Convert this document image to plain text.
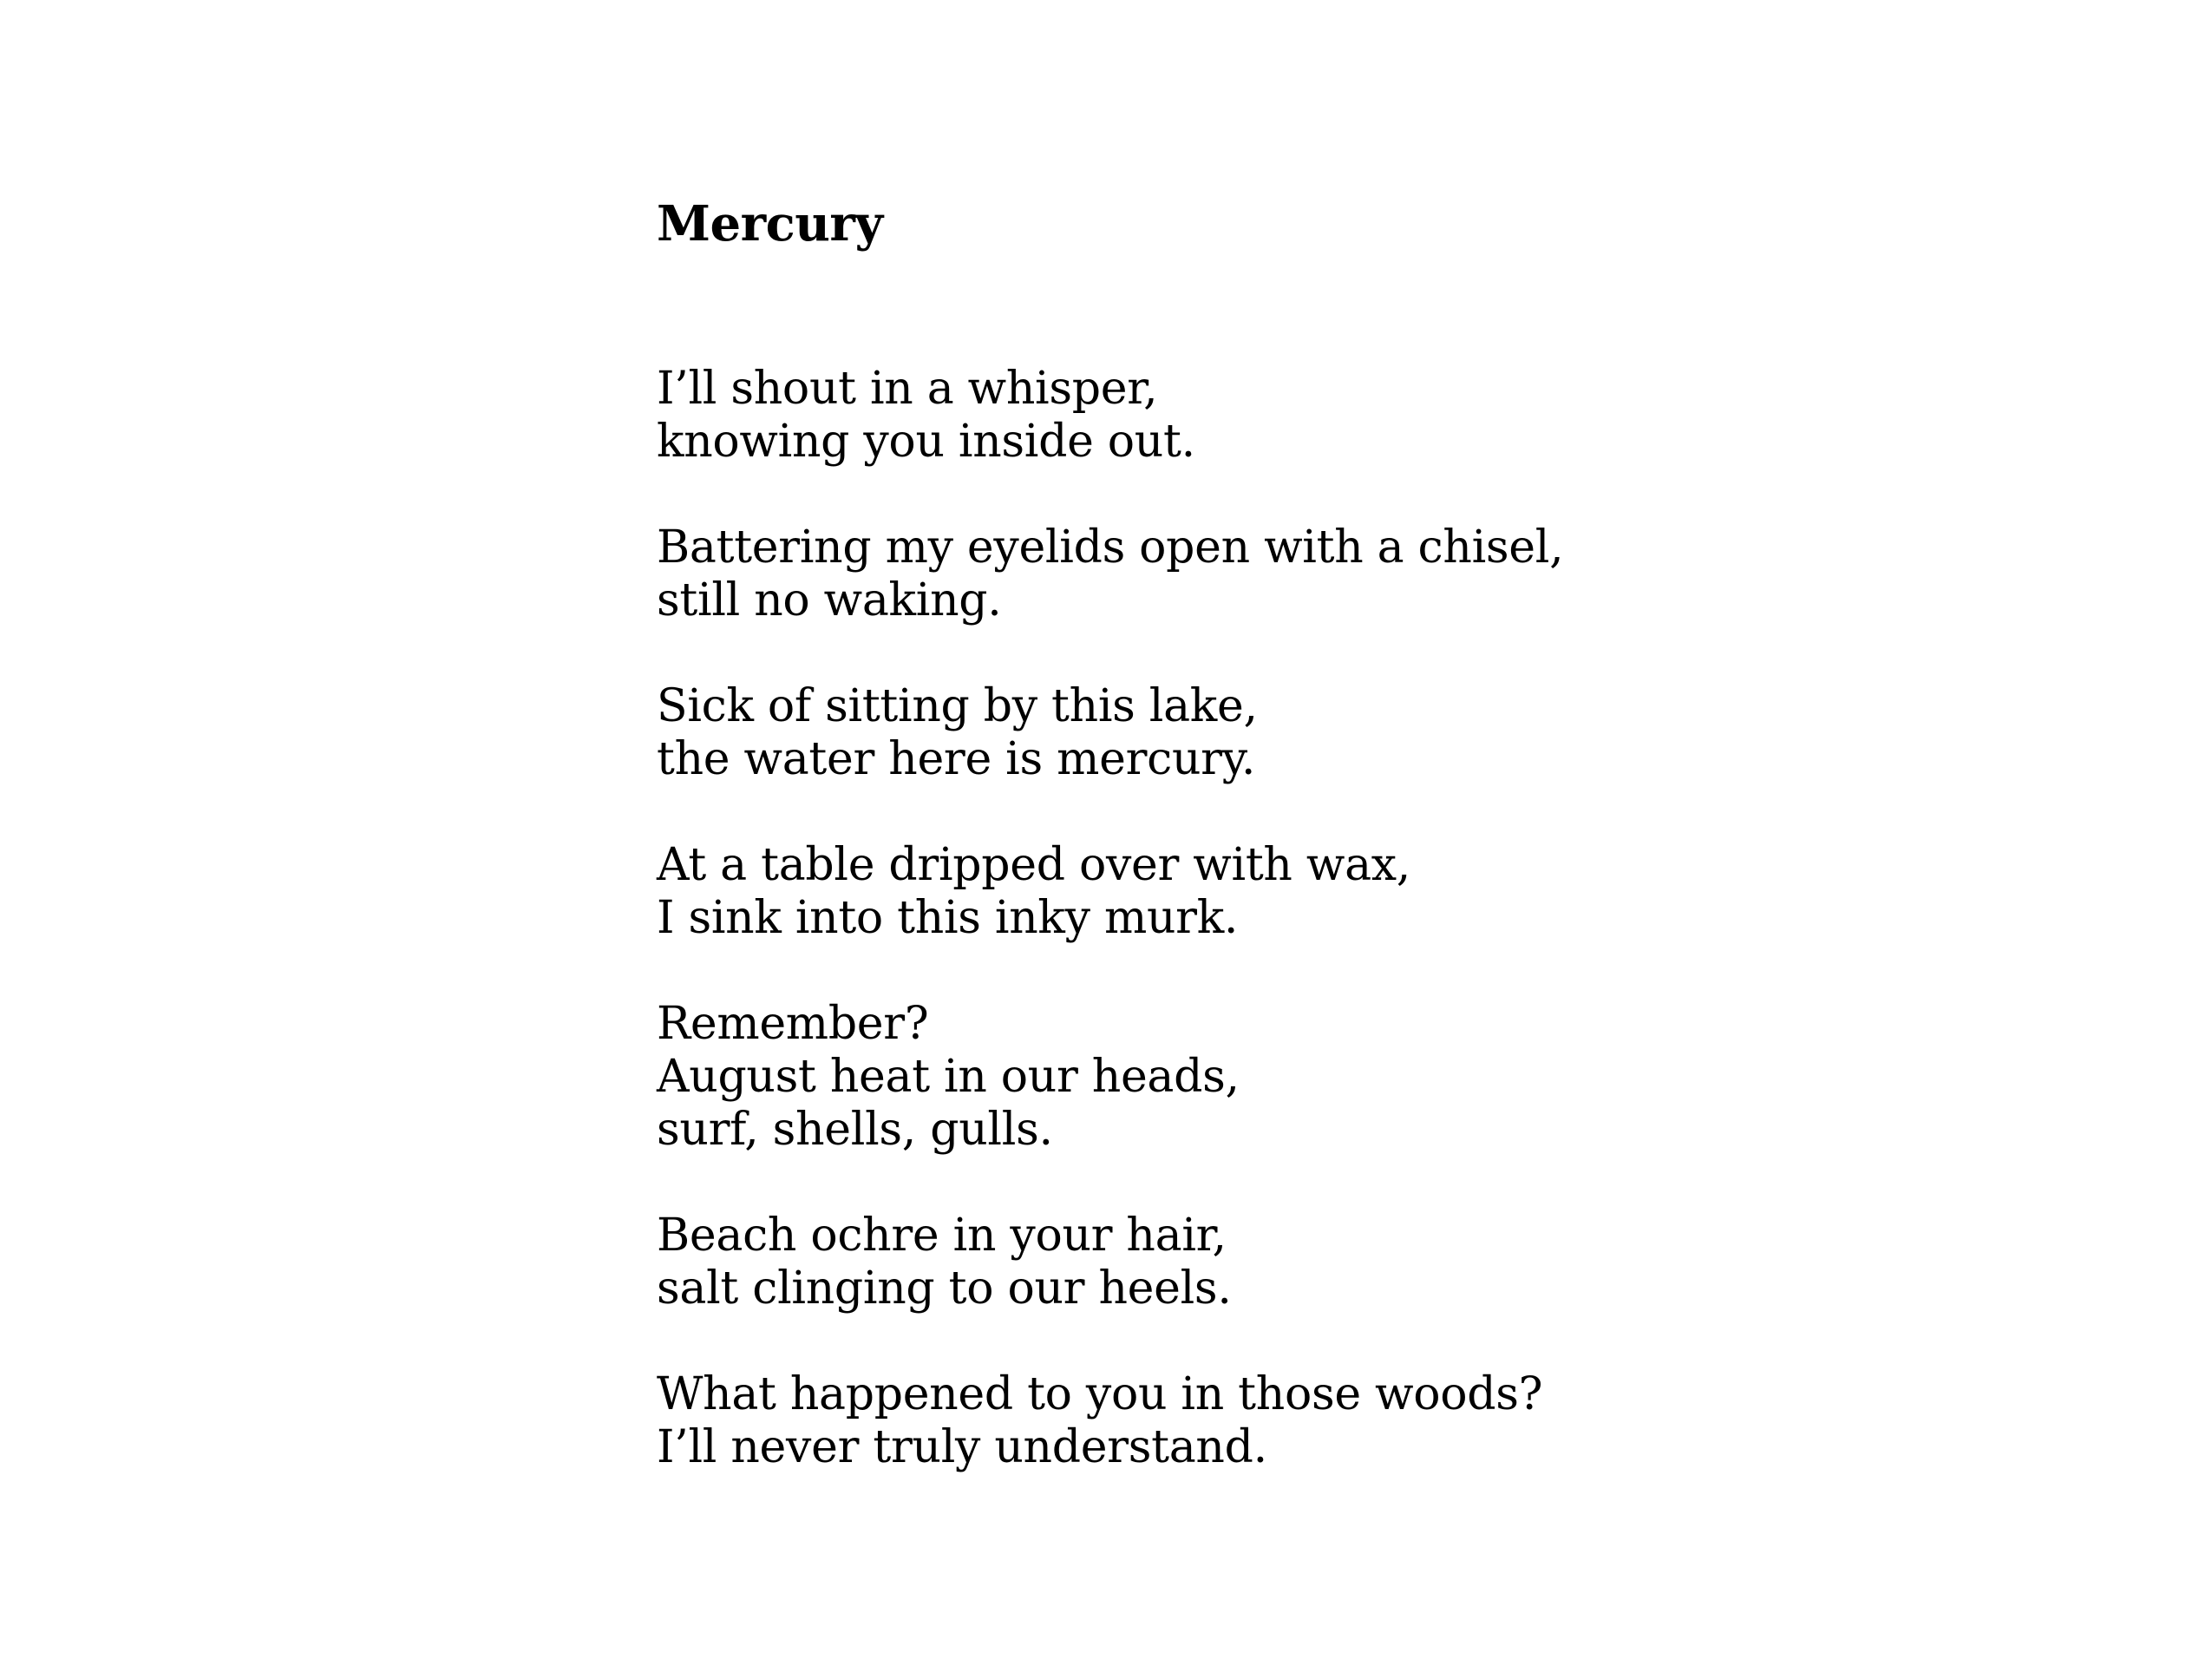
Mercury
I’ll shout in a whisper,
knowing you inside out.
Battering my eyelids open with a chisel,
still no waking.
Sick of sitting by this lake,
the water here is mercury.
At a table dripped over with wax,
I sink into this inky murk.
Remember?
August heat in our heads,
surf, shells, gulls.
Beach ochre in your hair,
salt clinging to our heels.
What happened to you in those woods?
I’ll never truly understand.
